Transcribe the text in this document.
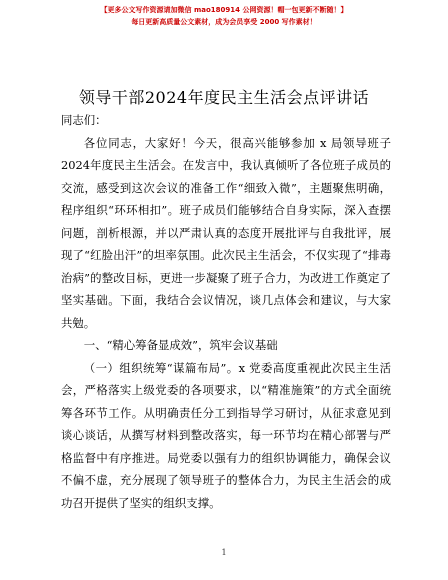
【更多公文写作资源请加微信 mao180914 公网资源！帽一包更新不断随！】
每日更新高质量公文素材，成为会员享受 2000 写作素材！
领导干部2024年度民主生活会点评讲话

同志们：

各位同志，大家好！今天，很高兴能够参加 x 局领导班子2024年度民主生活会。在发言中，我认真倾听了各位班子成员的交流，感受到这次会议的准备工作“细致入微”，主题聚焦明确，程序组织“环环相扣”。班子成员们能够结合自身实际，深入查摆问题，剖析根源，并以严肃认真的态度开展批评与自我批评，展现了“红脸出汗”的坦率氛围。此次民主生活会，不仅实现了“排毒治病”的整改目标，更进一步凝聚了班子合力，为改进工作奠定了坚实基础。下面，我结合会议情况，谈几点体会和建议，与大家共勉。

一、“精心筹备显成效”，筑牢会议基础

（一）组织统筹“谋篇布局”。x 党委高度重视此次民主生活会，严格落实上级党委的各项要求，以“精准施策”的方式全面统筹各环节工作。从明确责任分工到指导学习研讨，从征求意见到谈心谈话，从撰写材料到整改落实，每一环节均在精心部署与严格监督中有序推进。局党委以强有力的组织协调能力，确保会议不偏不虚，充分展现了领导班子的整体合力，为民主生活会的成功召开提供了坚实的组织支撑。

1
